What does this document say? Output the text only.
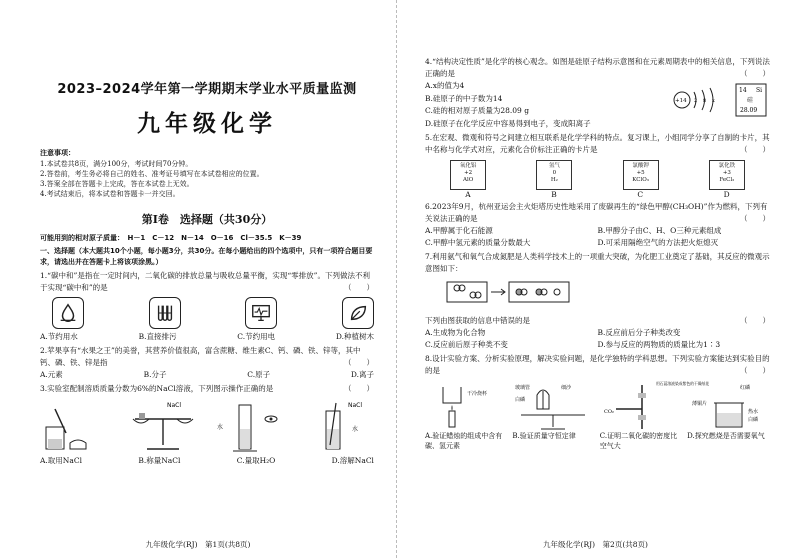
2023–2024学年第一学期期末学业水平质量监测
九年级化学
注意事项：
1.本试卷共8页，满分100分，考试时间70分钟。
2.答卷前，考生务必将自己的姓名、准考证号填写在本试卷相应的位置。
3.答案全部在答题卡上完成，答在本试卷上无效。
4.考试结束后，将本试卷和答题卡一并交回。
第Ⅰ卷　选择题（共30分）
可能用到的相对原子质量：　H－1　C－12　N－14　O－16　Cl－35.5　K－39
一、选择题（本大题共10个小题，每小题3分，共30分。在每小题给出的四个选项中，只有一项符合题目要求，请选出并在答题卡上将该项涂黑。）
1.“碳中和”是指在一定时间内，二氧化碳的排放总量与吸收总量平衡，实现“零排放”。下列做法不利于实现“碳中和”的是	（　　）
A.节约用水	B.直接排污	C.节约用电	D.种植树木
2.苹果享有“水果之王”的美誉，其营养价值很高，富含蔗糖、维生素C、钙、磷、铁、锌等，其中钙、磷、铁、锌是指	（　　）
A.元素	B.分子	C.原子	D.离子
3.实验室配制溶质质量分数为6%的NaCl溶液，下列图示操作正确的是	（　　）
NaCl
水
NaCl
水
A.取用NaCl	B.称量NaCl	C.量取H₂O	D.溶解NaCl
九年级化学(RJ)　第1页(共8页)
4.“结构决定性质”是化学的核心观念。如图是硅原子结构示意图和在元素周期表中的相关信息，下列说法正确的是	（　　）
A.x的值为4
B.硅原子的中子数为14
C.硅的相对原子质量为28.09 g
D.硅原子在化学反应中容易得到电子，变成阳离子
+14 2 8 x
14 Si
硅
28.09
5.在宏观、微观和符号之间建立相互联系是化学学科的特点。复习课上，小组同学分享了自制的卡片，其中名称与化学式对应，元素化合价标注正确的卡片是	（　　）
氧化铝
+2
AlO
氢气
0
H₂
氯酸钾
+5
KClO₃
氯化铁
+3
FeCl₂
A	B	C	D
6.2023年9月，杭州亚运会主火炬塔历史性地采用了废碳再生的“绿色甲醇(CH₃OH)”作为燃料，下列有关说法正确的是	（　　）
A.甲醇属于化石能源	B.甲醇分子由C、H、O三种元素组成
C.甲醇中氢元素的质量分数最大	D.可采用隔绝空气的方法把火炬熄灭
7.利用氨气和氧气合成氮肥是人类科学技术上的一项重大突破，为化肥工业奠定了基础，其反应的微观示意图如下：
下列由图获取的信息中错误的是	（　　）
A.生成物为化合物	B.反应前后分子种类改变
C.反应前后原子种类不变	D.参与反应的两物质的质量比为1∶3
8.设计实验方案、分析实验原理，解决实验问题，是化学独特的学科思想。下列实验方案能达到实验目的的是	（　　）
干冷烧杯
玻璃管	细沙
白磷
CO₂
用石蕊溶液染成紫色的干燥纸花
红磷
薄铜片
热水
白磷
A.验证蜡烛的组成中含有碳、氢元素
B.验证质量守恒定律	C.证明二氧化碳的密度比空气大
D.探究燃烧是否需要氧气
九年级化学(RJ)　第2页(共8页)
